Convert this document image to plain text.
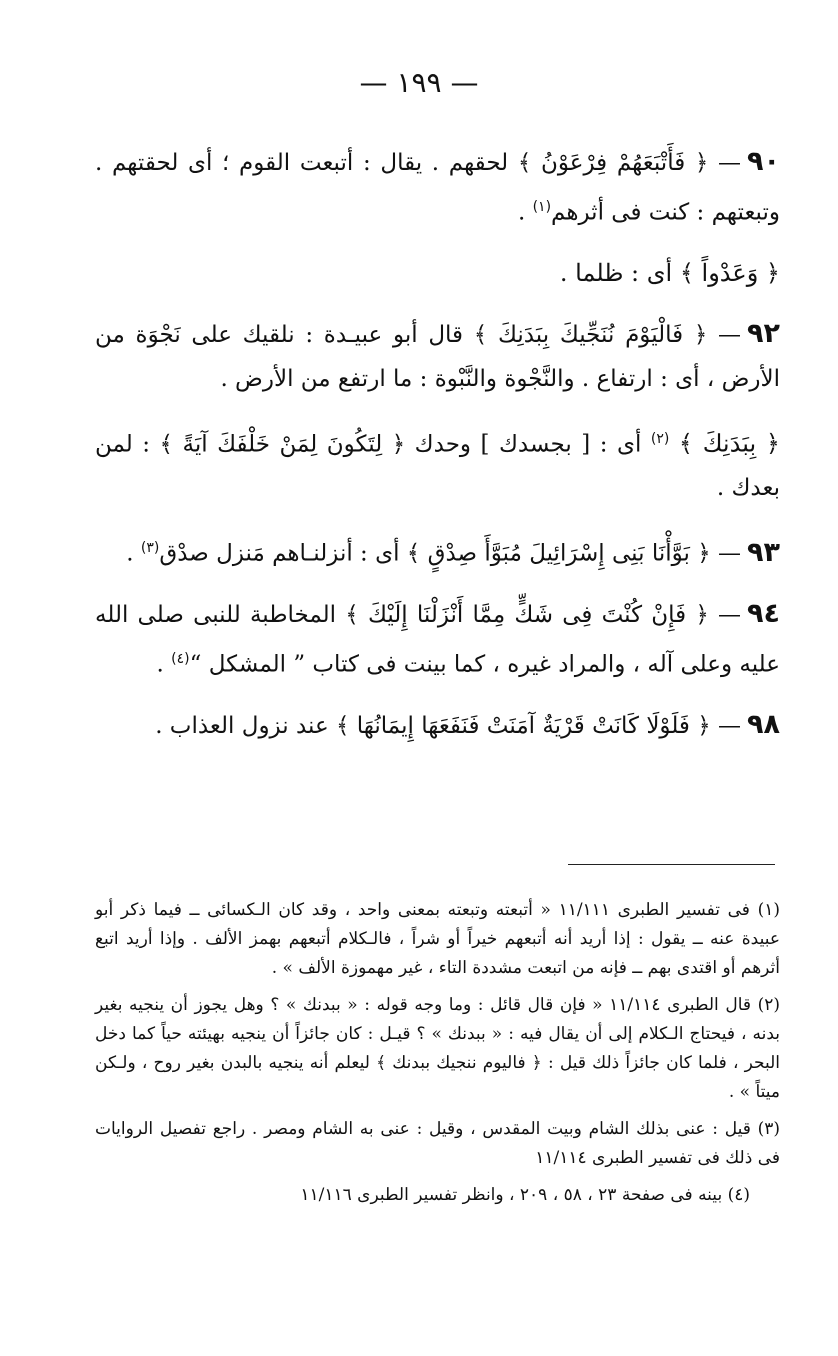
— ١٩٩ —

٩٠— ﴿ فَأَتْبَعَهُمْ فِرْعَوْنُ ﴾ لحقهم . يقال : أتبعت القوم ؛ أى لحقتهم . وتبعتهم : كنت فى أثرهم$^{(١)}$ .

﴿ وَعَدْواً ﴾ أى : ظلما .

٩٢— ﴿ فَالْيَوْمَ نُنَجِّيكَ بِبَدَنِكَ ﴾ قال أبو عبيـدة : نلقيك على نَجْوَة من الأرض ، أى : ارتفاع . والنَّجْوة والنَّبْوة : ما ارتفع من الأرض .

﴿ بِبَدَنِكَ ﴾ $^{(٢)}$ أى : [ بجسدك ] وحدك ﴿ لِتَكُونَ لِمَنْ خَلْفَكَ آيَةً ﴾ : لمن بعدك .

٩٣— ﴿ بَوَّأْنَا بَنِى إِسْرَائِيلَ مُبَوَّأَ صِدْقٍ ﴾ أى : أنزلنـاهم مَنزل صدْق$^{(٣)}$ .

٩٤— ﴿ فَإِنْ كُنْتَ فِى شَكٍّ مِمَّا أَنْزَلْنَا إِلَيْكَ ﴾ المخاطبة للنبى صلى الله عليه وعلى آله ، والمراد غيره ، كما بينت فى كتاب ” المشكل “$^{(٤)}$ .

٩٨— ﴿ فَلَوْلَا كَانَتْ قَرْيَةٌ آمَنَتْ فَنَفَعَهَا إِيمَانُهَا ﴾ عند نزول العذاب .

(١) فى تفسير الطبرى ١١/١١١ « أتبعته وتبعته بمعنى واحد ، وقد كان الـكسائى ــ فيما ذكر أبو عبيدة عنه ــ يقول : إذا أريد أنه أتبعهم خيراً أو شراً ، فالـكلام أتبعهم بهمز الألف . وإذا أريد اتبع أثرهم أو اقتدى بهم ــ فإنه من اتبعت مشددة التاء ، غير مهموزة الألف » .

(٢) قال الطبرى ١١/١١٤ « فإن قال قائل : وما وجه قوله : « ببدنك » ؟ وهل يجوز أن ينجيه بغير بدنه ، فيحتاج الـكلام إلى أن يقال فيه : « ببدنك » ؟ قيـل : كان جائزاً أن ينجيه بهيئته حياً كما دخل البحر ، فلما كان جائزاً ذلك قيل : ﴿ فاليوم ننجيك ببدنك ﴾ ليعلم أنه ينجيه بالبدن بغير روح ، ولـكن ميتاً » .

(٣) قيل : عنى بذلك الشام وبيت المقدس ، وقيل : عنى به الشام ومصر . راجع تفصيل الروايات فى ذلك فى تفسير الطبرى ١١/١١٤

(٤) بينه فى صفحة ٢٣ ، ٥٨ ، ٢٠٩ ، وانظر تفسير الطبرى ١١/١١٦
